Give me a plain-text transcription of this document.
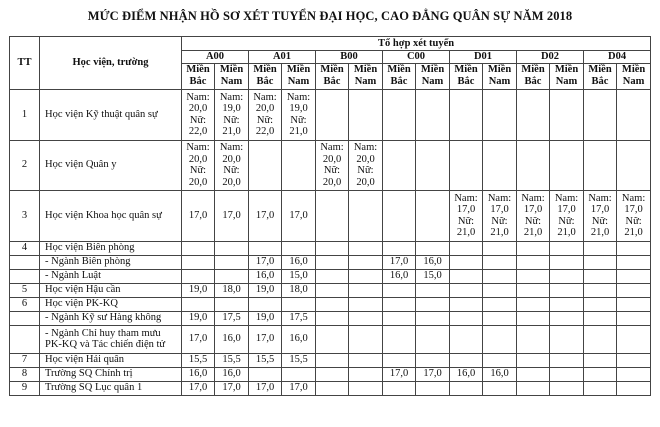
MỨC ĐIỂM NHẬN HỒ SƠ XÉT TUYỂN ĐẠI HỌC, CAO ĐẲNG QUÂN SỰ NĂM 2018
TT	Học viện, trường	Tổ hợp xét tuyển													
		A00		A01		B00		C00		D01		D02		D04	
		Miền Bắc	Miền Nam	Miền Bắc	Miền Nam	Miền Bắc	Miền Nam	Miền Bắc	Miền Nam	Miền Bắc	Miền Nam	Miền Bắc	Miền Nam	Miền Bắc	Miền Nam
1	Học viện Kỹ thuật quân sự	Nam:
20,0
Nữ:
22,0	Nam:
19,0
Nữ:
21,0	Nam:
20,0
Nữ:
22,0	Nam:
19,0
Nữ:
21,0										

2	Học viện Quân y	Nam:
20,0
Nữ:
20,0	Nam:
20,0
Nữ:
20,0			Nam:
20,0
Nữ:
20,0	Nam:
20,0
Nữ:
20,0								

3	Học viện Khoa học quân sự	17,0	17,0	17,0	17,0					Nam:
17,0
Nữ:
21,0	Nam:
17,0
Nữ:
21,0	Nam:
17,0
Nữ:
21,0	Nam:
17,0
Nữ:
21,0	Nam:
17,0
Nữ:
21,0	Nam:
17,0
Nữ:
21,0

4	Học viện Biên phòng	

	- Ngành Biên phòng			17,0	16,0			17,0	16,0						

	- Ngành Luật			16,0	15,0			16,0	15,0						

5	Học viện Hậu cần	19,0	18,0	19,0	18,0										

6	Học viện PK-KQ	

	- Ngành Kỹ sư Hàng không	19,0	17,5	19,0	17,5										

	- Ngành Chỉ huy tham mưu PK-KQ và Tác chiến điện tử	17,0	16,0	17,0	16,0										

7	Học viện Hải quân	15,5	15,5	15,5	15,5										

8	Trường SQ Chính trị	16,0	16,0					17,0	17,0	16,0	16,0				

9	Trường SQ Lục quân 1	17,0	17,0	17,0	17,0										
